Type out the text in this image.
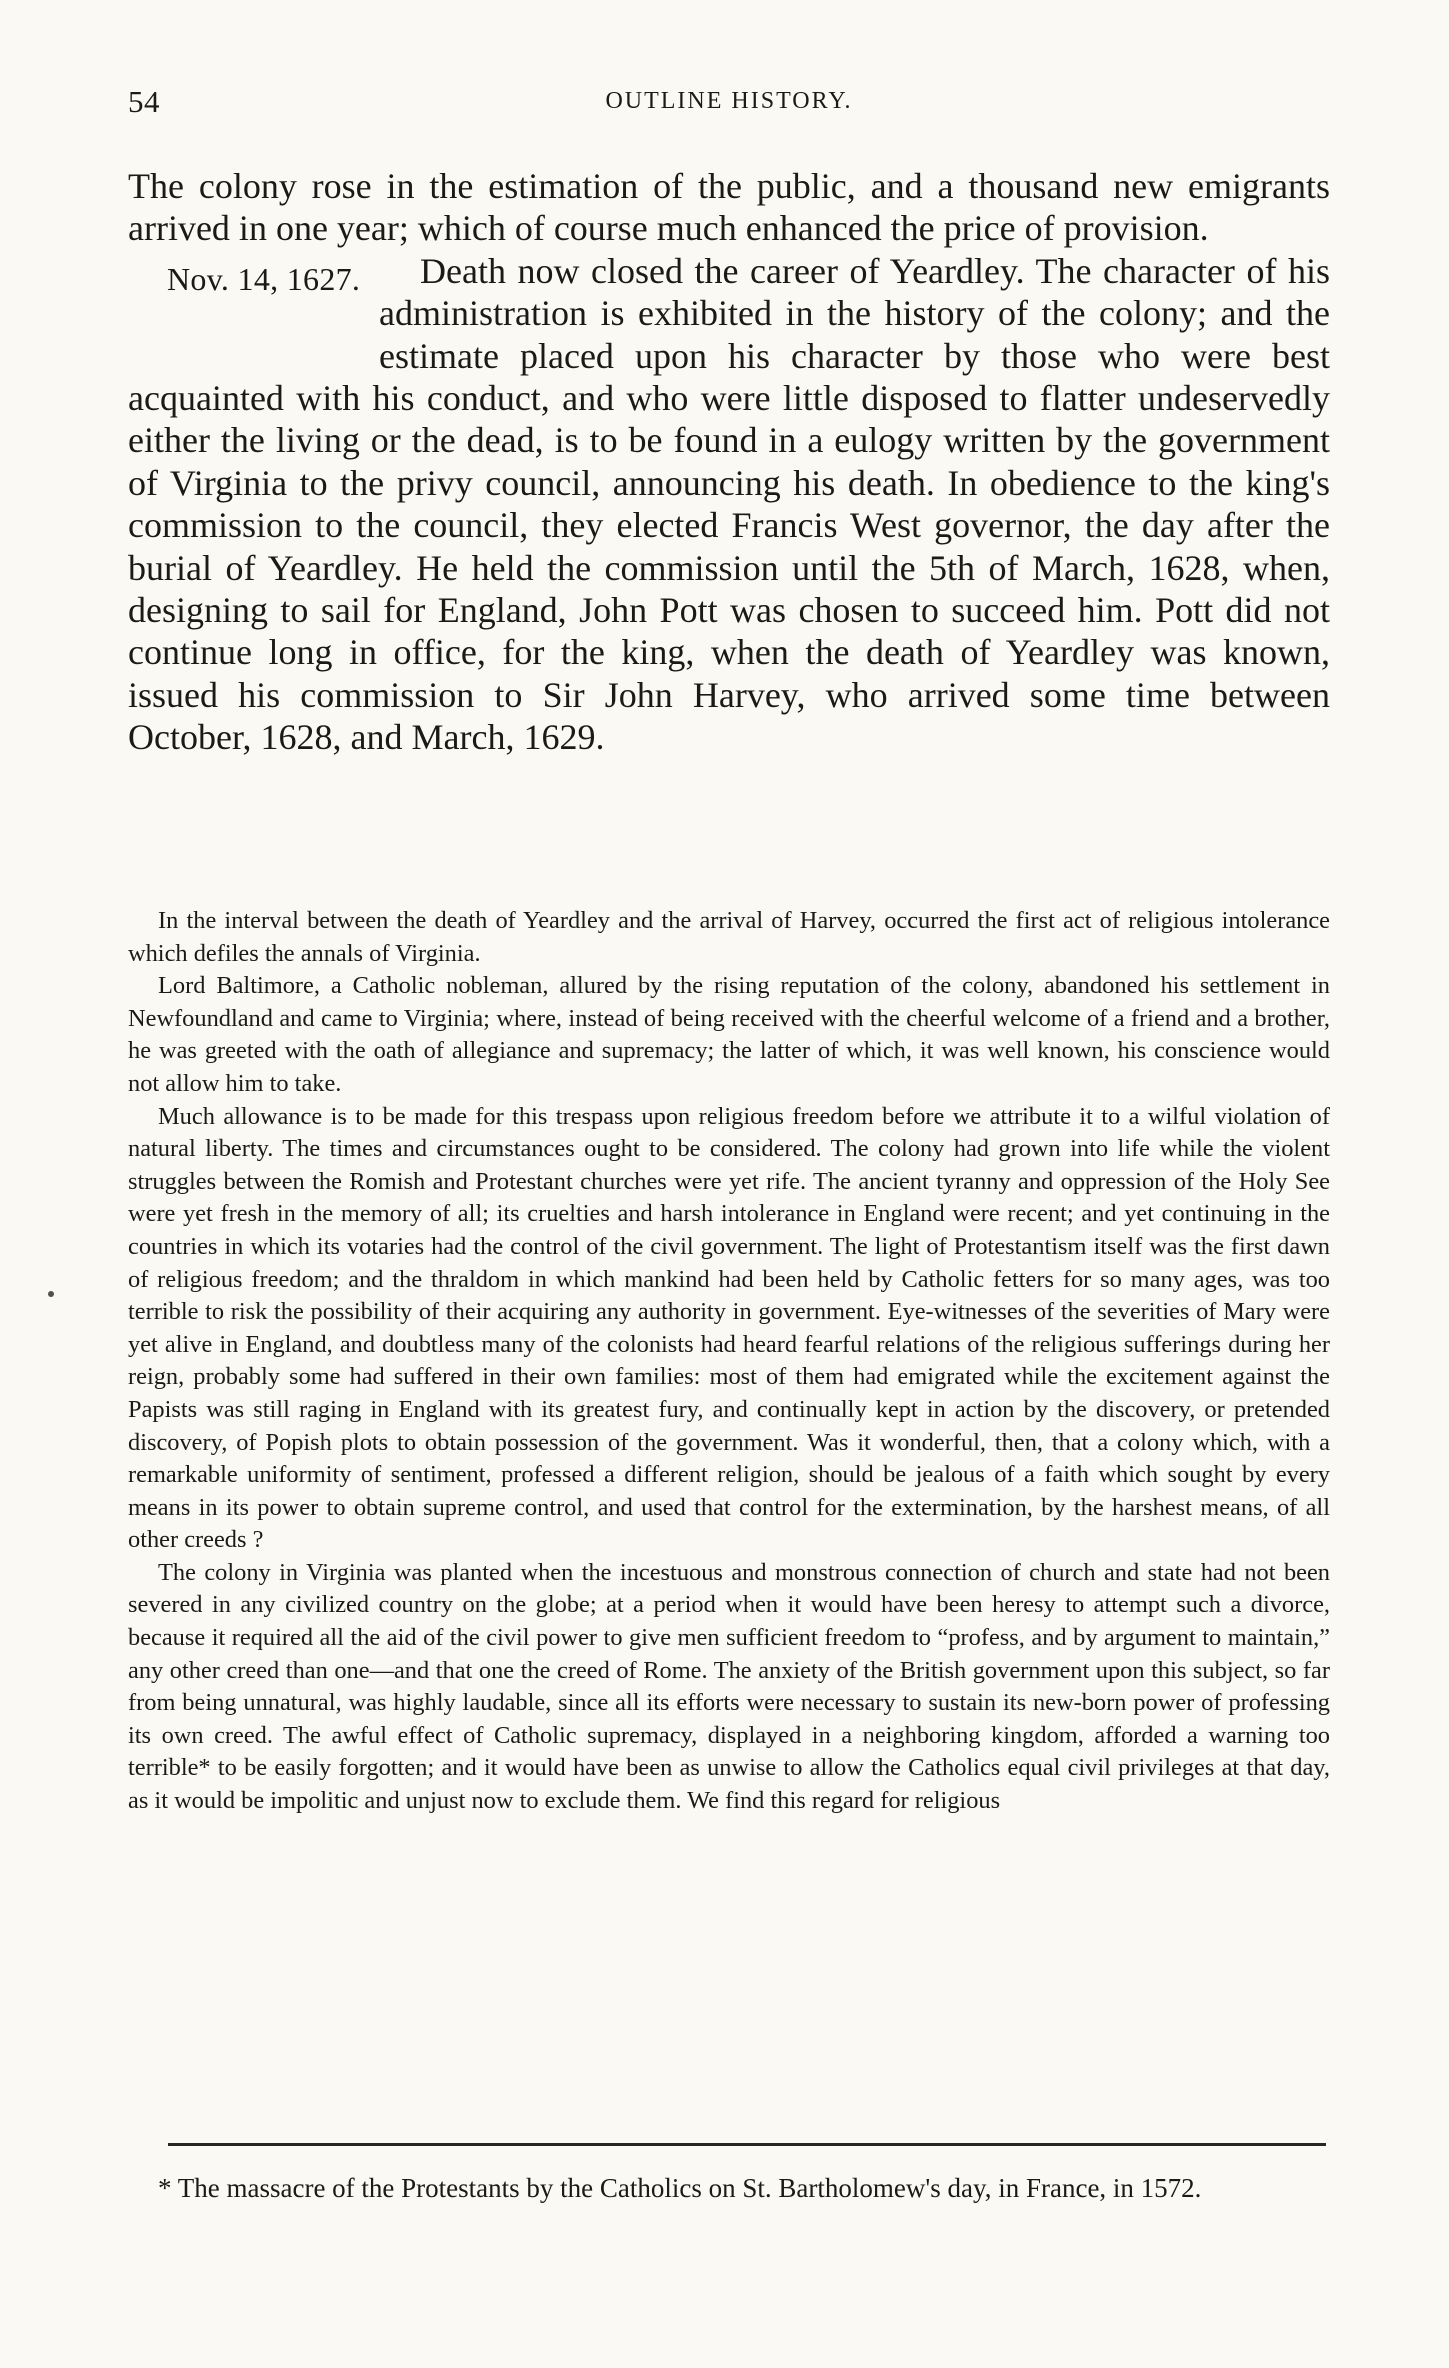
54	OUTLINE HISTORY.

The colony rose in the estimation of the public, and a thousand new emigrants arrived in one year; which of course much enhanced the price of provision.

Death now closed the career of Yeardley. The character of his
Nov. 14, 1627.
administration is exhibited in the history of the colony; and the estimate placed upon his character by those who were best acquainted with his conduct, and who were little disposed to flatter undeservedly either the living or the dead, is to be found in a eulogy written by the government of Virginia to the privy council, announcing his death. In obedience to the king's commission to the council, they elected Francis West governor, the day after the burial of Yeardley. He held the commission until the 5th of March, 1628, when, designing to sail for England, John Pott was chosen to succeed him. Pott did not continue long in office, for the king, when the death of Yeardley was known, issued his commission to Sir John Harvey, who arrived some time between October, 1628, and March, 1629.

In the interval between the death of Yeardley and the arrival of Harvey, occurred the first act of religious intolerance which defiles the annals of Virginia.

Lord Baltimore, a Catholic nobleman, allured by the rising reputation of the colony, abandoned his settlement in Newfoundland and came to Virginia; where, instead of being received with the cheerful welcome of a friend and a brother, he was greeted with the oath of allegiance and supremacy; the latter of which, it was well known, his conscience would not allow him to take.

Much allowance is to be made for this trespass upon religious freedom before we attribute it to a wilful violation of natural liberty. The times and circumstances ought to be considered. The colony had grown into life while the violent struggles between the Romish and Protestant churches were yet rife. The ancient tyranny and oppression of the Holy See were yet fresh in the memory of all; its cruelties and harsh intolerance in England were recent; and yet continuing in the countries in which its votaries had the control of the civil government. The light of Protestantism itself was the first dawn of religious freedom; and the thraldom in which mankind had been held by Catholic fetters for so many ages, was too terrible to risk the possibility of their acquiring any authority in government. Eye-witnesses of the severities of Mary were yet alive in England, and doubtless many of the colonists had heard fearful relations of the religious sufferings during her reign, probably some had suffered in their own families: most of them had emigrated while the excitement against the Papists was still raging in England with its greatest fury, and continually kept in action by the discovery, or pretended discovery, of Popish plots to obtain possession of the government. Was it wonderful, then, that a colony which, with a remarkable uniformity of sentiment, professed a different religion, should be jealous of a faith which sought by every means in its power to obtain supreme control, and used that control for the extermination, by the harshest means, of all other creeds ?

The colony in Virginia was planted when the incestuous and monstrous connection of church and state had not been severed in any civilized country on the globe; at a period when it would have been heresy to attempt such a divorce, because it required all the aid of the civil power to give men sufficient freedom to “profess, and by argument to maintain,” any other creed than one—and that one the creed of Rome. The anxiety of the British government upon this subject, so far from being unnatural, was highly laudable, since all its efforts were necessary to sustain its new-born power of professing its own creed. The awful effect of Catholic supremacy, displayed in a neighboring kingdom, afforded a warning too terrible* to be easily forgotten; and it would have been as unwise to allow the Catholics equal civil privileges at that day, as it would be impolitic and unjust now to exclude them. We find this regard for religious

* The massacre of the Protestants by the Catholics on St. Bartholomew's day, in France, in 1572.
